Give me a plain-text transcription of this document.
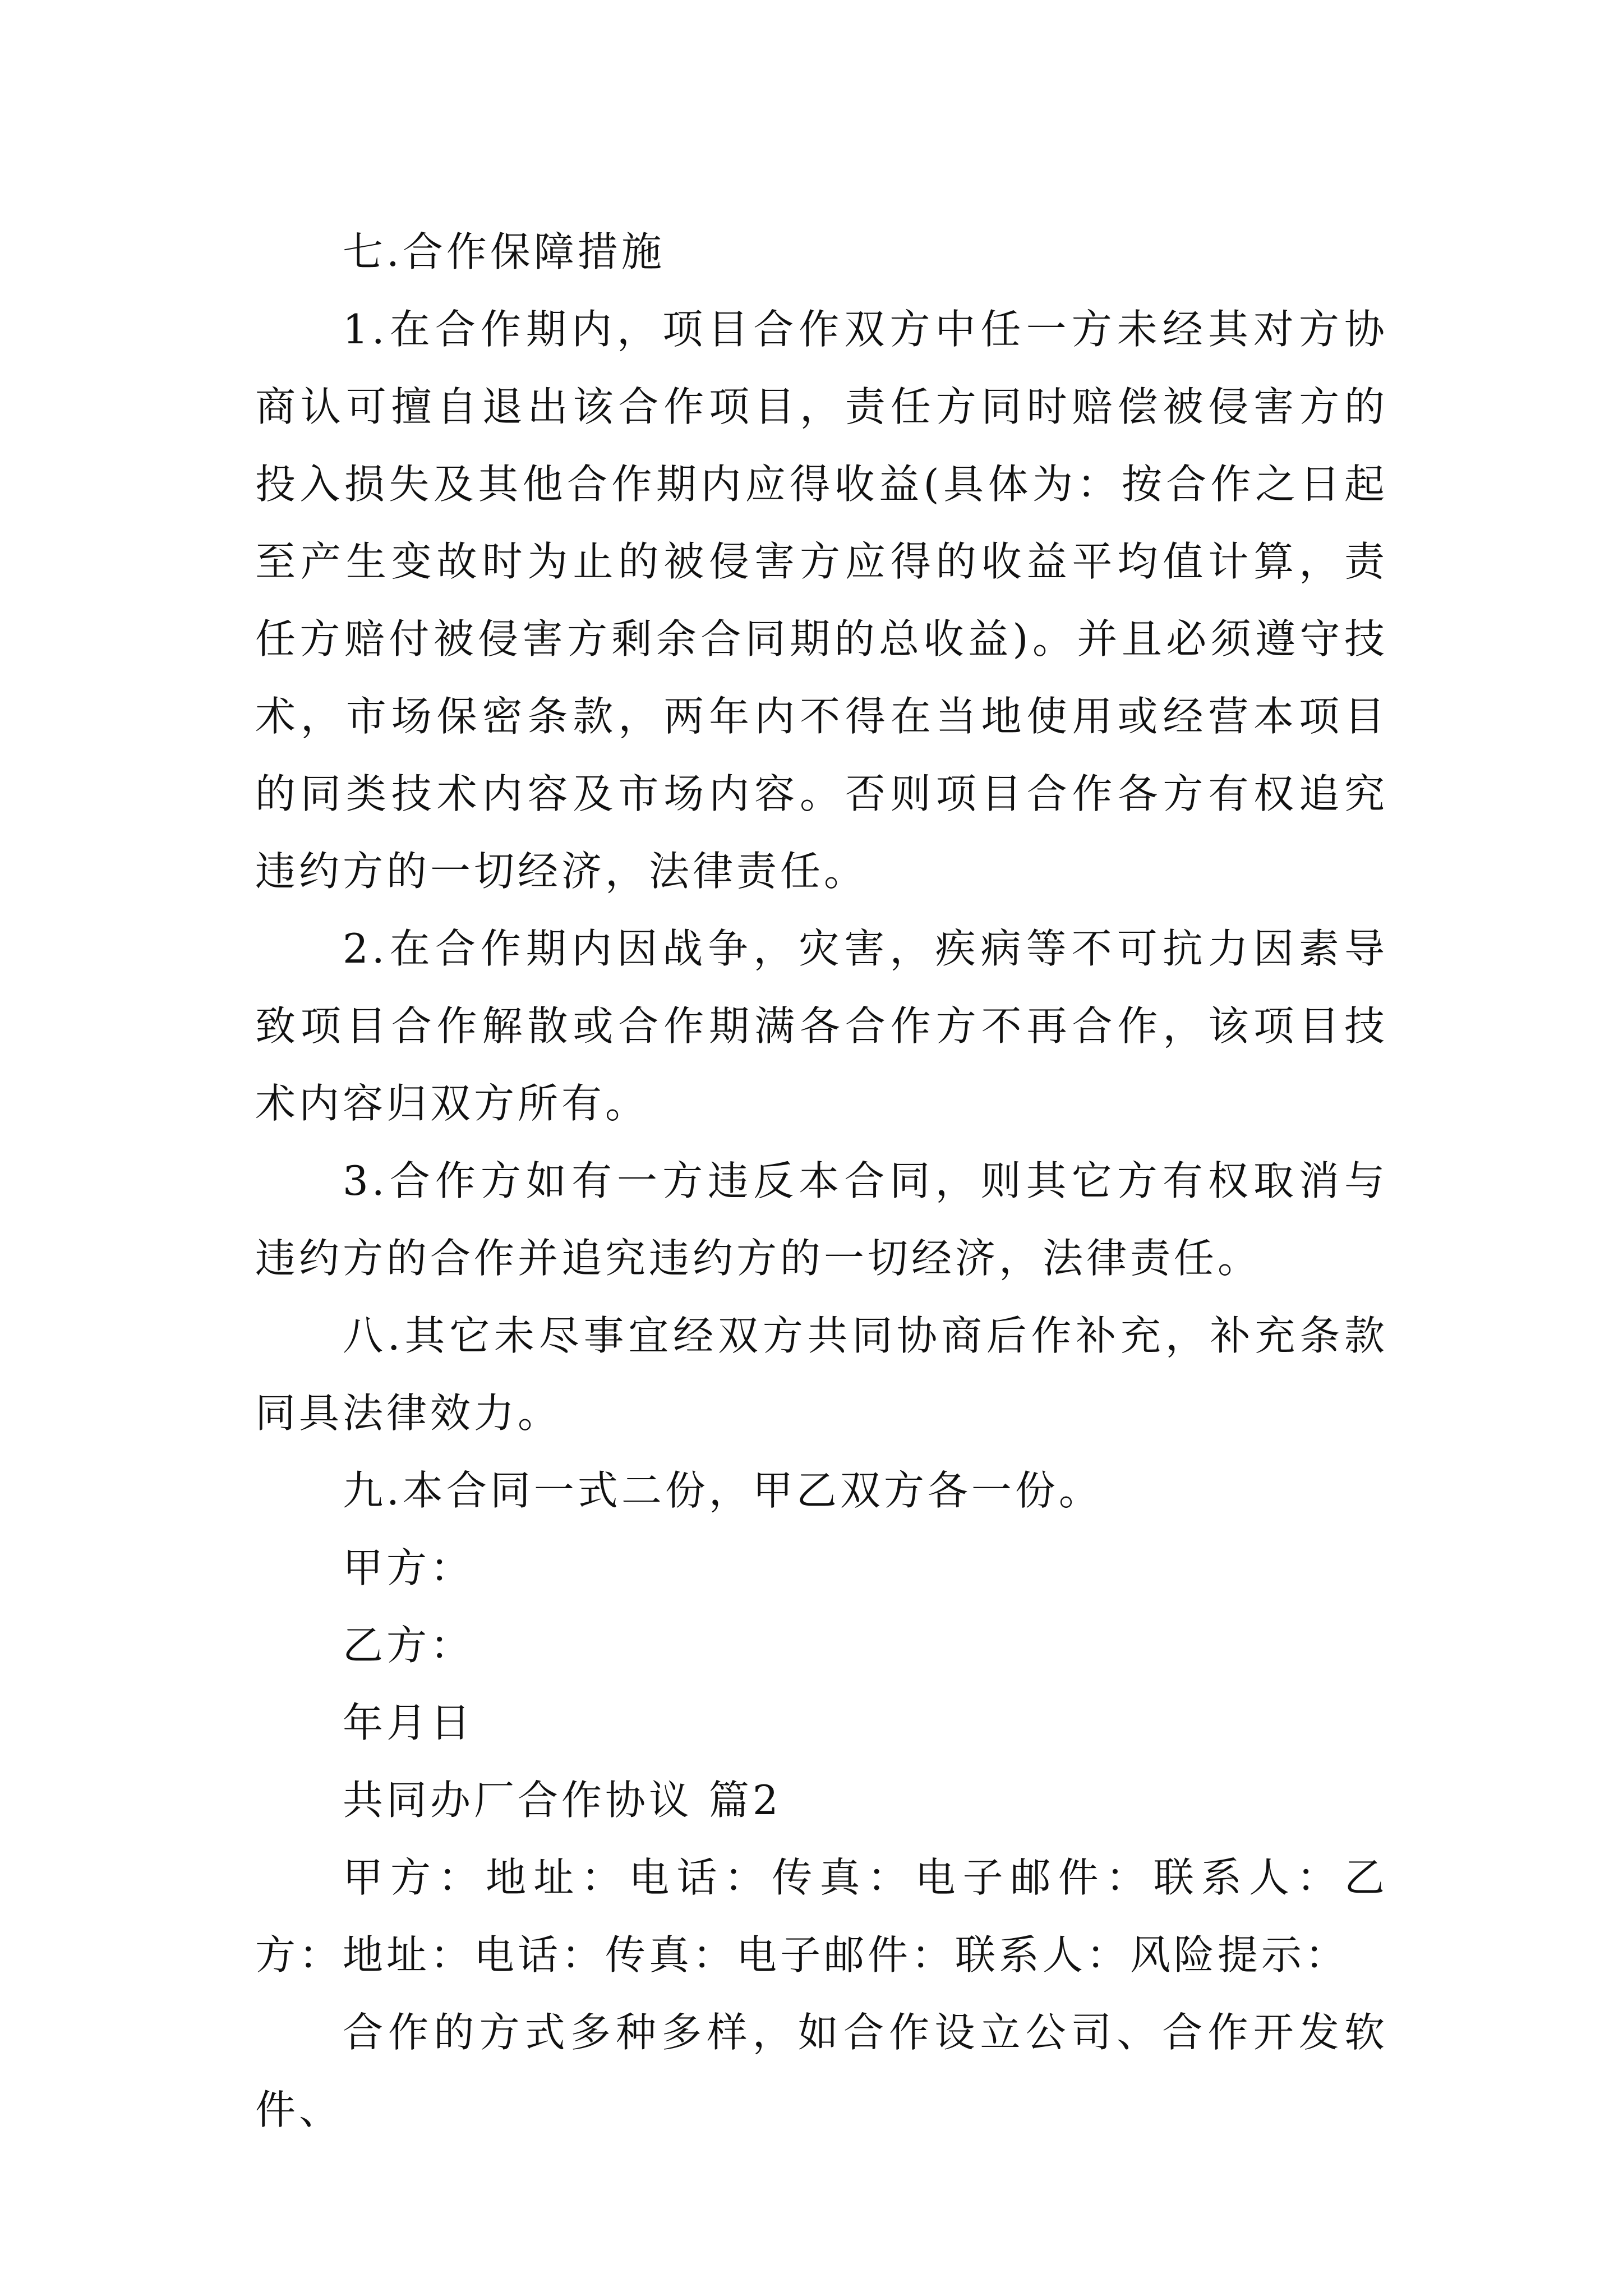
七.合作保障措施

1.在合作期内，项目合作双方中任一方未经其对方协商认可擅自退出该合作项目，责任方同时赔偿被侵害方的投入损失及其他合作期内应得收益(具体为：按合作之日起至产生变故时为止的被侵害方应得的收益平均值计算，责任方赔付被侵害方剩余合同期的总收益)。并且必须遵守技术，市场保密条款，两年内不得在当地使用或经营本项目的同类技术内容及市场内容。否则项目合作各方有权追究违约方的一切经济，法律责任。

2.在合作期内因战争，灾害，疾病等不可抗力因素导致项目合作解散或合作期满各合作方不再合作，该项目技术内容归双方所有。

3.合作方如有一方违反本合同，则其它方有权取消与违约方的合作并追究违约方的一切经济，法律责任。

八.其它未尽事宜经双方共同协商后作补充，补充条款同具法律效力。

九.本合同一式二份，甲乙双方各一份。

甲方：

乙方：

年月日

共同办厂合作协议 篇2

甲方：地址：电话：传真：电子邮件：联系人：乙方：地址：电话：传真：电子邮件：联系人：风险提示：

合作的方式多种多样，如合作设立公司、合作开发软件、
